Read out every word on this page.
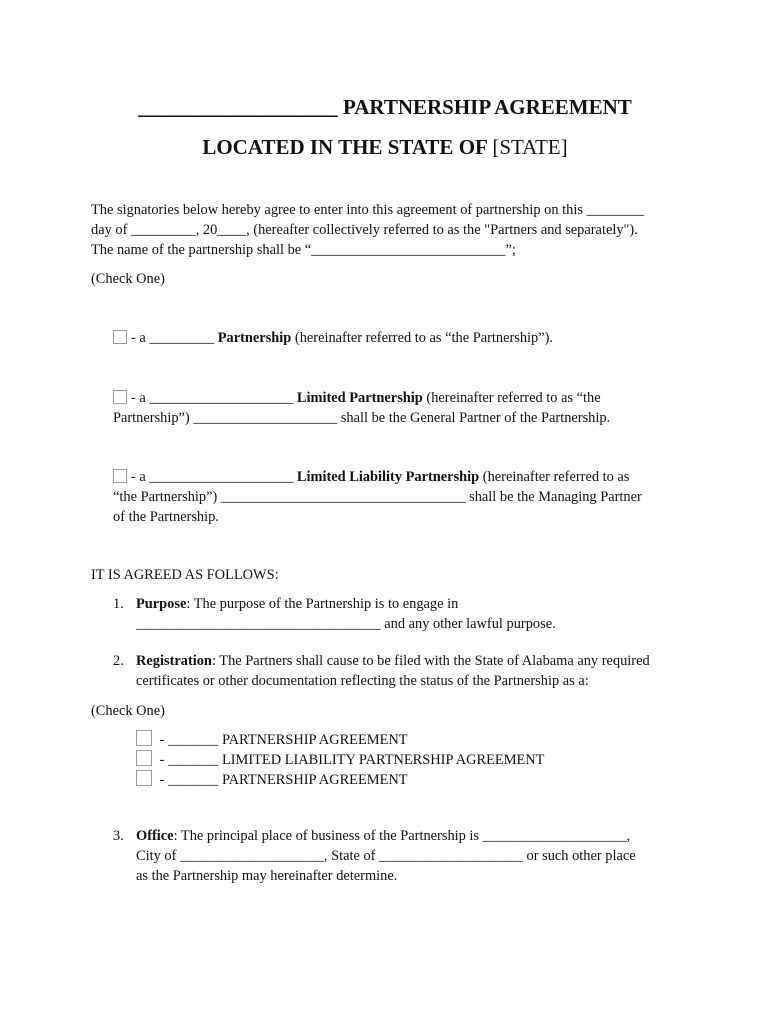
___________________ PARTNERSHIP AGREEMENT
LOCATED IN THE STATE OF [STATE]
The signatories below hereby agree to enter into this agreement of partnership on this ________
day of _________, 20____, (hereafter collectively referred to as the "Partners and separately").
The name of the partnership shall be “___________________________”;
(Check One)
- a _________ Partnership (hereinafter referred to as “the Partnership”).
- a ____________________ Limited Partnership (hereinafter referred to as “the
Partnership”) ____________________ shall be the General Partner of the Partnership.
- a ____________________ Limited Liability Partnership (hereinafter referred to as
“the Partnership”) __________________________________ shall be the Managing Partner
of the Partnership.
IT IS AGREED AS FOLLOWS:
1. Purpose: The purpose of the Partnership is to engage in
__________________________________ and any other lawful purpose.
2. Registration: The Partners shall cause to be filed with the State of Alabama any required
certificates or other documentation reflecting the status of the Partnership as a:
(Check One)
- _______ PARTNERSHIP AGREEMENT
- _______ LIMITED LIABILITY PARTNERSHIP AGREEMENT
- _______ PARTNERSHIP AGREEMENT
3. Office: The principal place of business of the Partnership is ____________________,
City of ____________________, State of ____________________ or such other place
as the Partnership may hereinafter determine.
